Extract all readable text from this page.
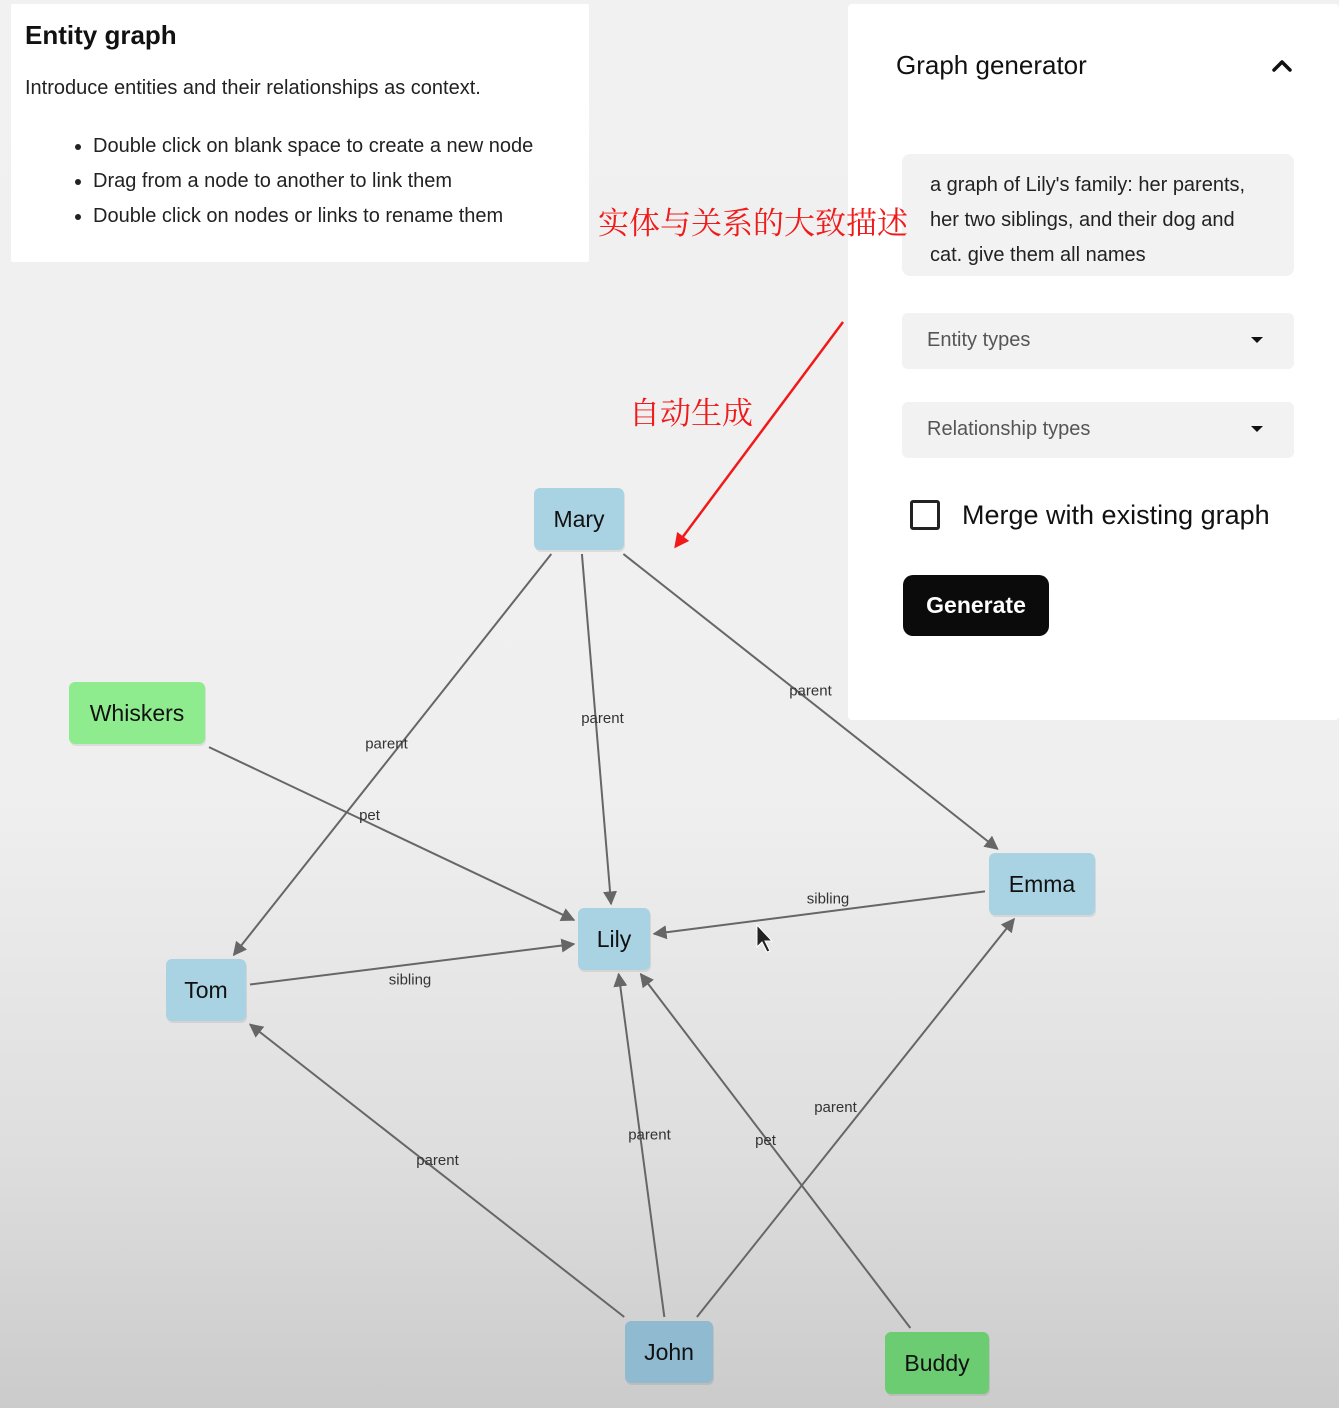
parent
parent
parent
pet
sibling
sibling
parent
parent
parent
pet
Mary
Whiskers
Emma
Lily
Tom
John	Buddy
Entity graph
Introduce entities and their relationships as context.
• Double click on blank space to create a new node
• Drag from a node to another to link them
• Double click on nodes or links to rename them
Graph generator
a graph of Lily's family: her parents, her two siblings, and their dog and cat. give them all names
Entity types
Relationship types
Merge with existing graph
Generate
实体与关系的大致描述
自动生成
